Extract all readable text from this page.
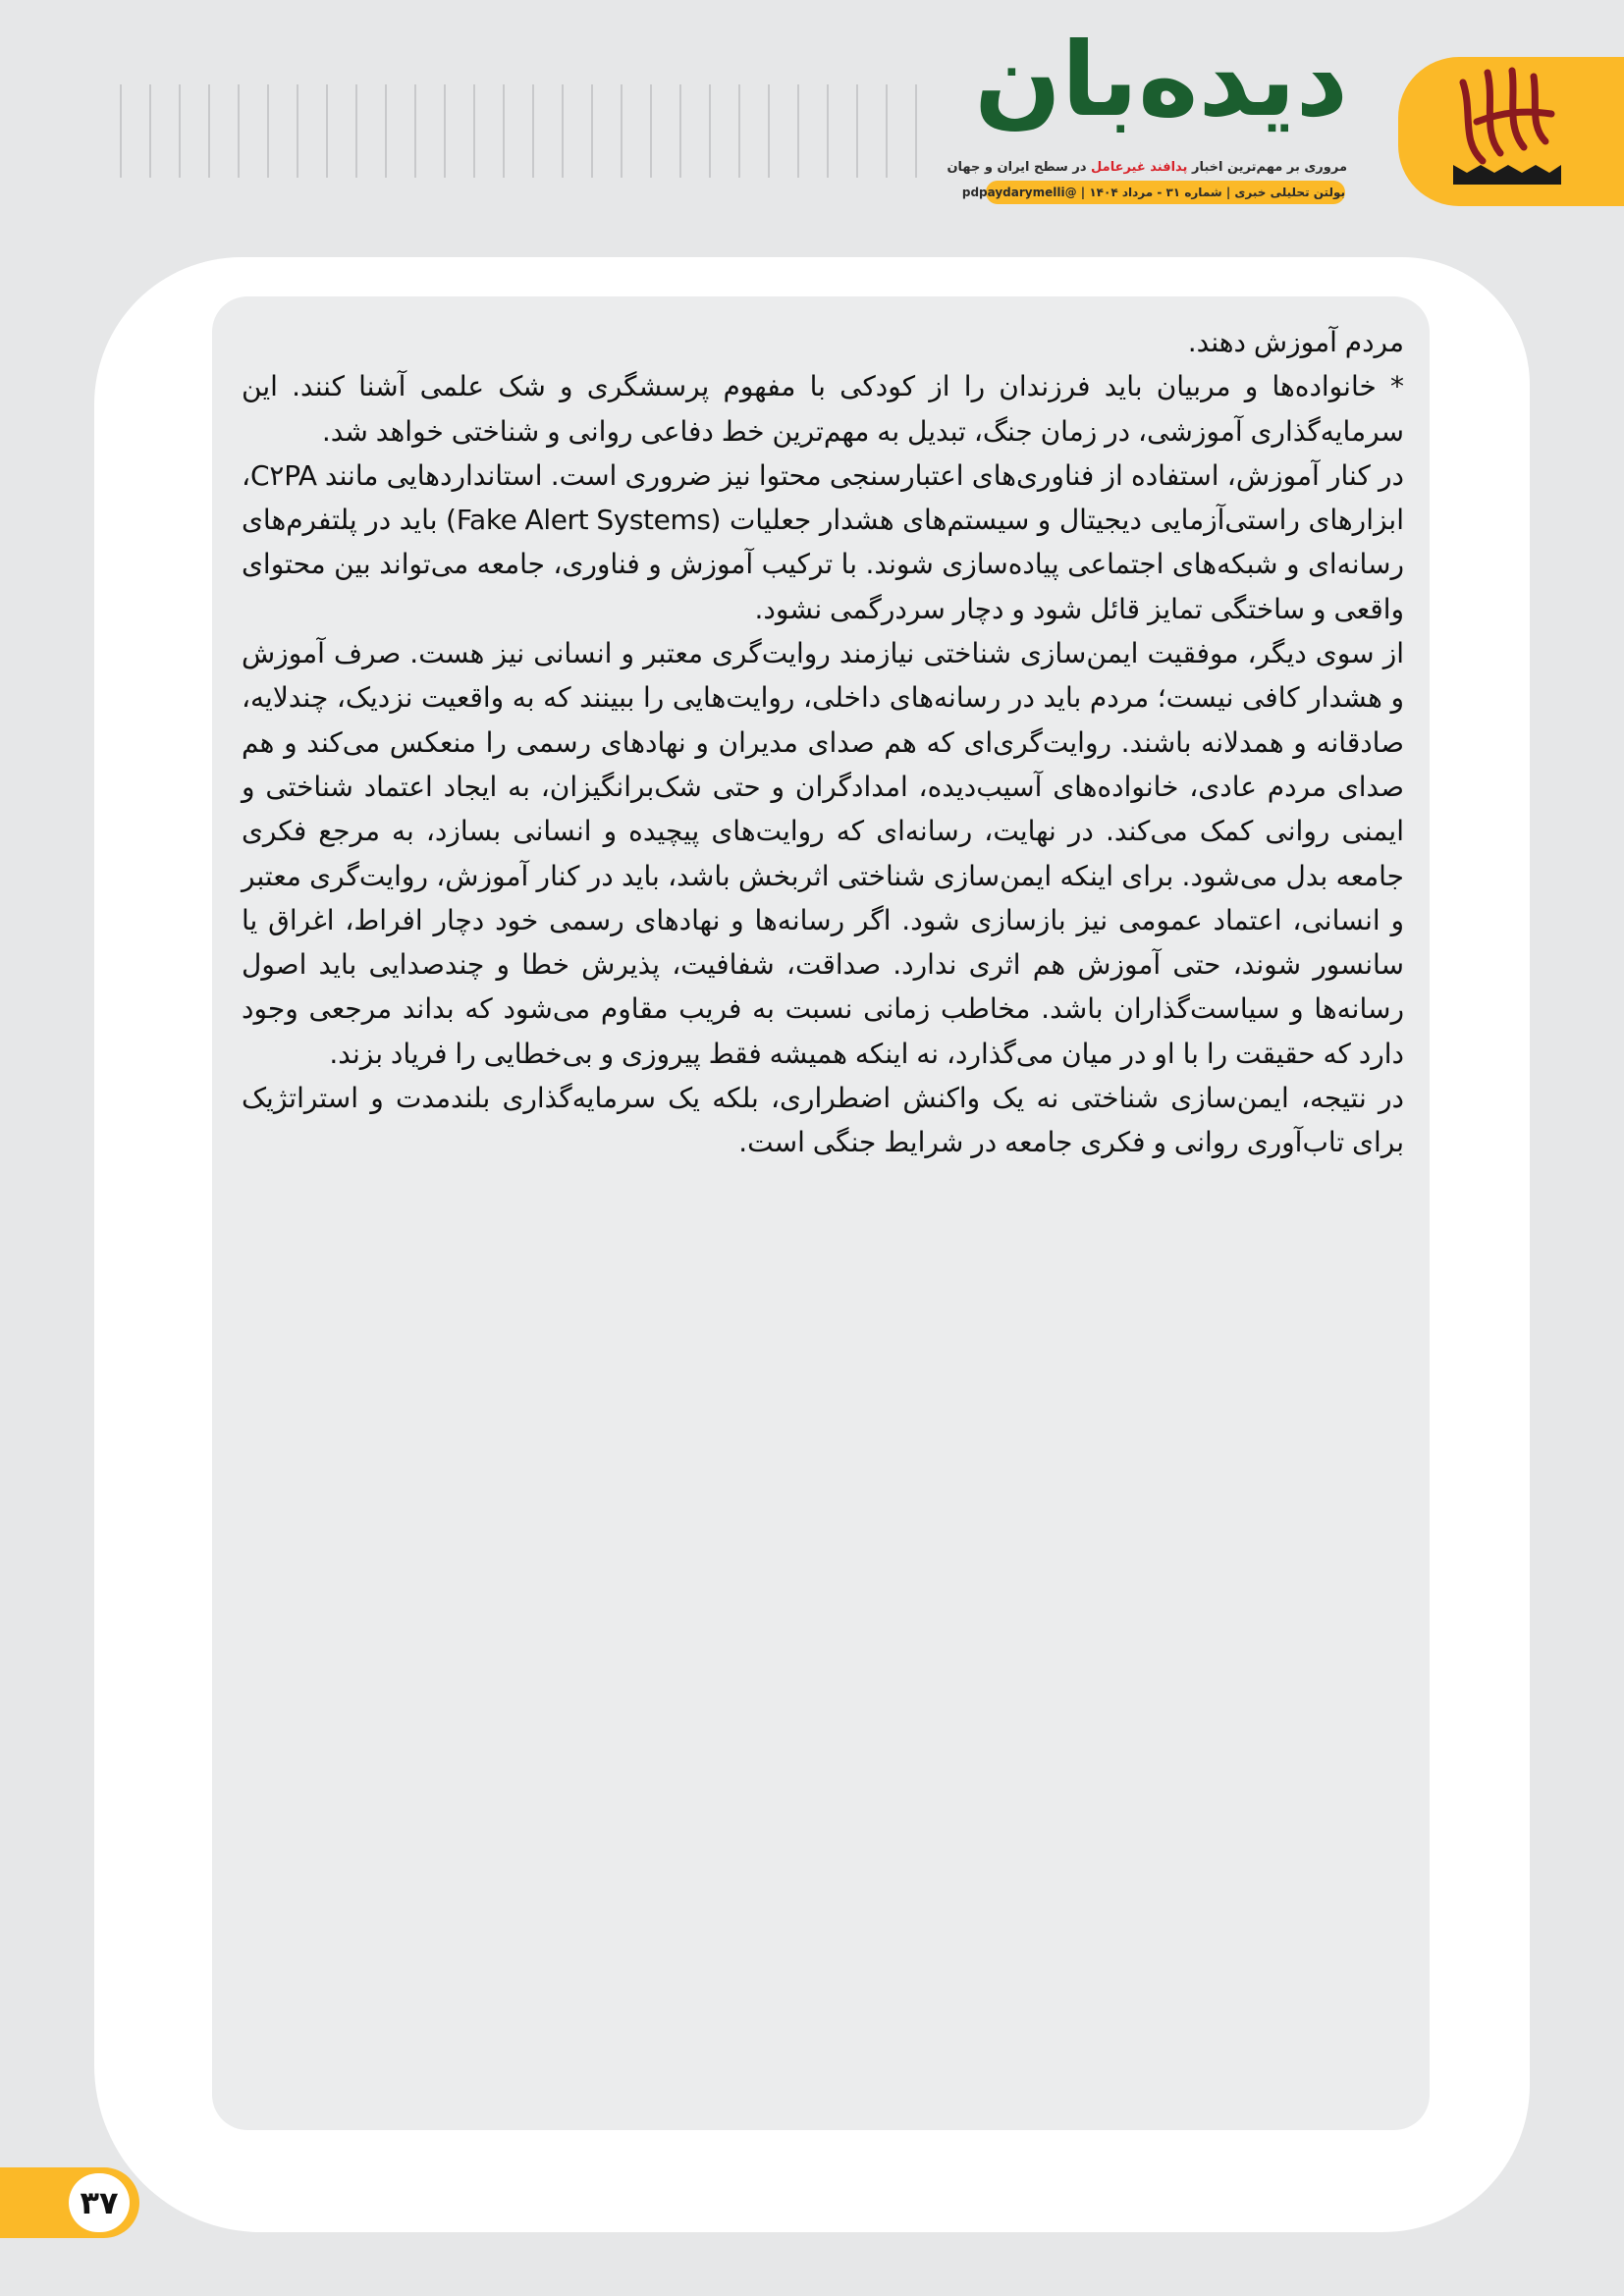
دیده‌بان
مروری بر مهم‌ترین اخبار پدافند غیرعامل در سطح ایران و جهان
بولتن تحلیلی خبری | شماره ۳۱ - مرداد ۱۴۰۴ | @pdpaydarymelli

مردم آموزش دهند.

* خانواده‌ها و مربیان باید فرزندان را از کودکی با مفهوم پرسشگری و شک علمی آشنا کنند. این سرمایه‌گذاری آموزشی، در زمان جنگ، تبدیل به مهم‌ترین خط دفاعی روانی و شناختی خواهد شد.

در کنار آموزش، استفاده از فناوری‌های اعتبارسنجی محتوا نیز ضروری است. استانداردهایی مانند C۲PA، ابزارهای راستی‌آزمایی دیجیتال و سیستم‌های هشدار جعلیات (Fake Alert Systems) باید در پلتفرم‌های رسانه‌ای و شبکه‌های اجتماعی پیاده‌سازی شوند. با ترکیب آموزش و فناوری، جامعه می‌تواند بین محتوای واقعی و ساختگی تمایز قائل شود و دچار سردرگمی نشود.

از سوی دیگر، موفقیت ایمن‌سازی شناختی نیازمند روایت‌گری معتبر و انسانی نیز هست. صرف آموزش و هشدار کافی نیست؛ مردم باید در رسانه‌های داخلی، روایت‌هایی را ببینند که به واقعیت نزدیک، چندلایه، صادقانه و همدلانه باشند. روایت‌گری‌ای که هم صدای مدیران و نهادهای رسمی را منعکس می‌کند و هم صدای مردم عادی، خانواده‌های آسیب‌دیده، امدادگران و حتی شک‌برانگیزان، به ایجاد اعتماد شناختی و ایمنی روانی کمک می‌کند. در نهایت، رسانه‌ای که روایت‌های پیچیده و انسانی بسازد، به مرجع فکری جامعه بدل می‌شود. برای اینکه ایمن‌سازی شناختی اثربخش باشد، باید در کنار آموزش، روایت‌گری معتبر و انسانی، اعتماد عمومی نیز بازسازی شود. اگر رسانه‌ها و نهادهای رسمی خود دچار افراط، اغراق یا سانسور شوند، حتی آموزش هم اثری ندارد. صداقت، شفافیت، پذیرش خطا و چندصدایی باید اصول رسانه‌ها و سیاست‌گذاران باشد. مخاطب زمانی نسبت به فریب مقاوم می‌شود که بداند مرجعی وجود دارد که حقیقت را با او در میان می‌گذارد، نه اینکه همیشه فقط پیروزی و بی‌خطایی را فریاد بزند.

در نتیجه، ایمن‌سازی شناختی نه یک واکنش اضطراری، بلکه یک سرمایه‌گذاری بلندمدت و استراتژیک برای تاب‌آوری روانی و فکری جامعه در شرایط جنگی است.

۳۷
